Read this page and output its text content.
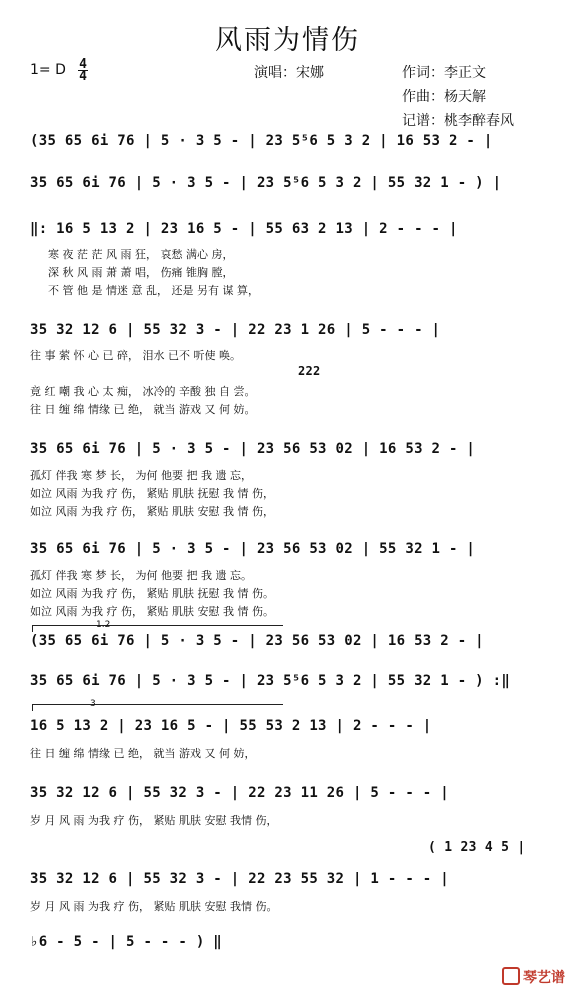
风雨为情伤
1= D 4
4	演唱：宋娜	作词：李正文
作曲：杨天解
记谱：桃李醉春风
(35 65 6i 76 | 5 · 3 5 - | 23 5⁵6 5 3 2 | 16 53 2 - |
35 65 6i 76 | 5 · 3 5 - | 23 5⁵6 5 3 2 | 55 32 1 - ) |
‖: 16 5 13 2 | 23 16 5 - | 55 63 2 13 | 2 - - - |
寒 夜 茫 茫 风 雨 狂， 哀愁 满心 房，
深 秋 风 雨 萧 萧 唱， 伤痛 锥胸 膛，
不 管 他 是 情迷 意 乱， 还是 另有 谋 算，
35 32 12 6 | 55 32 3 - | 22 23 1 26 | 5 - - - |
往 事 萦 怀 心 已 碎， 泪水 已不 听使 唤。
222
竟 红 嘲 我 心 太 痴， 冰冷的 辛酸 独 自 尝。
往 日 缠 绵 情缘 已 绝， 就当 游戏 又 何 妨。
35 65 6i 76 | 5 · 3 5 - | 23 56 53 02 | 16 53 2 - |
孤灯 伴我 寒 梦 长， 为何 他要 把 我 遗 忘，
如泣 风雨 为我 疗 伤， 紧贴 肌肤 抚慰 我 情 伤，
如泣 风雨 为我 疗 伤， 紧贴 肌肤 安慰 我 情 伤，
35 65 6i 76 | 5 · 3 5 - | 23 56 53 02 | 55 32 1 - |
孤灯 伴我 寒 梦 长， 为何 他要 把 我 遗 忘。
如泣 风雨 为我 疗 伤， 紧贴 肌肤 抚慰 我 情 伤。
如泣 风雨 为我 疗 伤， 紧贴 肌肤 安慰 我 情 伤。
1.2
(35 65 6i 76 | 5 · 3 5 - | 23 56 53 02 | 16 53 2 - |
35 65 6i 76 | 5 · 3 5 - | 23 5⁵6 5 3 2 | 55 32 1 - ) :‖
3
16 5 13 2 | 23 16 5 - | 55 53 2 13 | 2 - - - |
往 日 缠 绵 情缘 已 绝， 就当 游戏 又 何 妨，
35 32 12 6 | 55 32 3 - | 22 23 11 26 | 5 - - - |
岁 月 风 雨 为我 疗 伤， 紧贴 肌肤 安慰 我情 伤，
( 1 23 4 5 |
35 32 12 6 | 55 32 3 - | 22 23 55 32 | 1 - - - |
岁 月 风 雨 为我 疗 伤， 紧贴 肌肤 安慰 我情 伤。
♭6 - 5 - | 5 - - - ) ‖
琴艺谱
